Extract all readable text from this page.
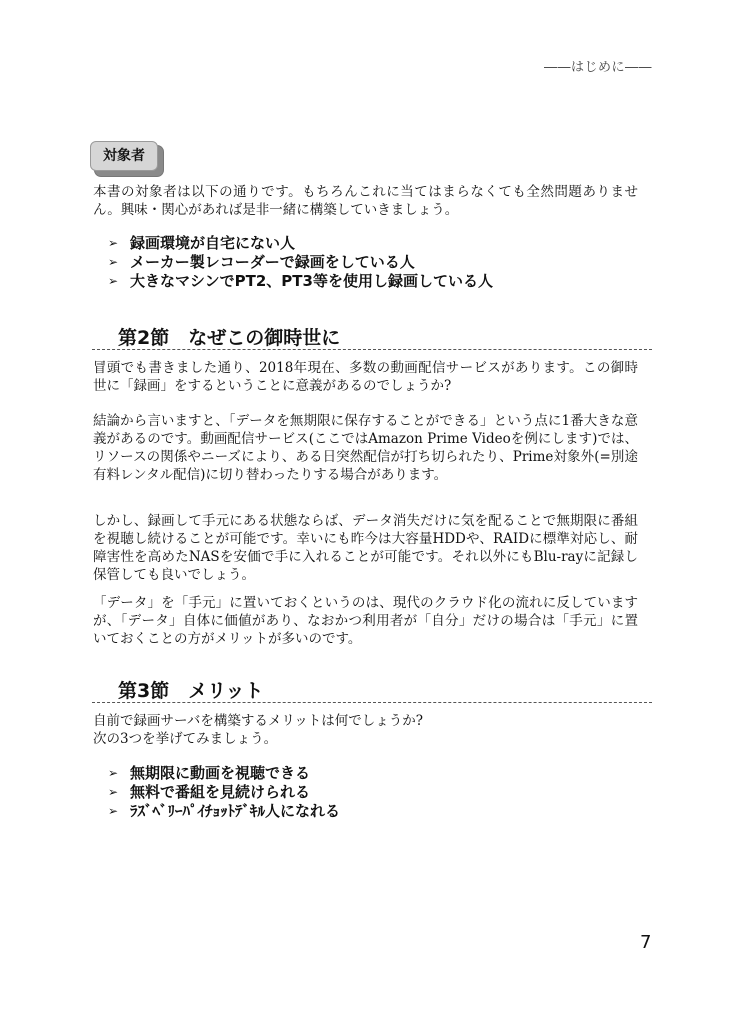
――はじめに――
対象者

本書の対象者は以下の通りです。もちろんこれに当てはまらなくても全然問題ありません。興味・関心があれば是非一緒に構築していきましょう。

➢ 録画環境が自宅にない人
➢ メーカー製レコーダーで録画をしている人
➢ 大きなマシンでPT2、PT3等を使用し録画している人
第2節　なぜこの御時世に

冒頭でも書きました通り、2018年現在、多数の動画配信サービスがあります。この御時世に「録画」をするということに意義があるのでしょうか?

結論から言いますと、「データを無期限に保存することができる」という点に1番大きな意義があるのです。動画配信サービス(ここではAmazon Prime Videoを例にします)では、リソースの関係やニーズにより、ある日突然配信が打ち切られたり、Prime対象外(=別途有料レンタル配信)に切り替わったりする場合があります。

しかし、録画して手元にある状態ならば、データ消失だけに気を配ることで無期限に番組を視聴し続けることが可能です。幸いにも昨今は大容量HDDや、RAIDに標準対応し、耐障害性を高めたNASを安価で手に入れることが可能です。それ以外にもBlu-rayに記録し保管しても良いでしょう。

「データ」を「手元」に置いておくというのは、現代のクラウド化の流れに反していますが、「データ」自体に価値があり、なおかつ利用者が「自分」だけの場合は「手元」に置いておくことの方がメリットが多いのです。

第3節　メリット

自前で録画サーバを構築するメリットは何でしょうか?
次の3つを挙げてみましょう。

➢ 無期限に動画を視聴できる
➢ 無料で番組を見続けられる
➢ ﾗｽﾞﾍﾞﾘｰﾊﾟｲﾁｮｯﾄﾃﾞｷﾙ人になれる
7
